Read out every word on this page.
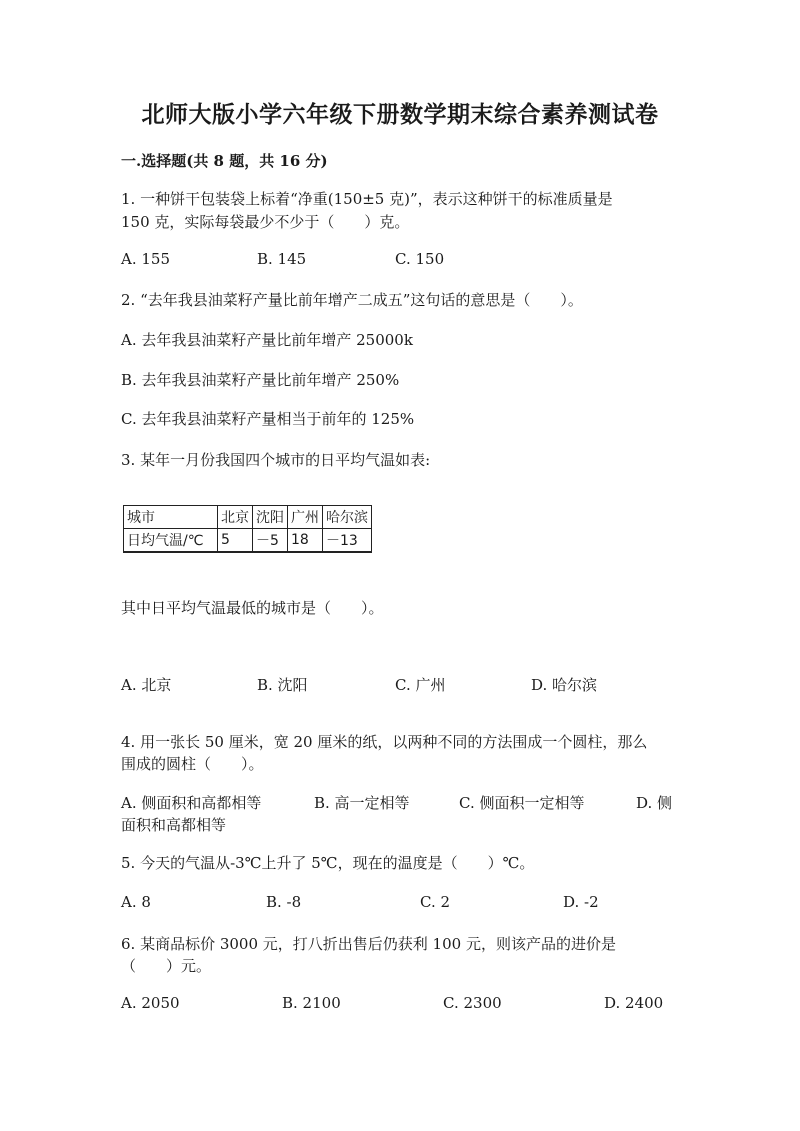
北师大版小学六年级下册数学期末综合素养测试卷
一.选择题(共 8 题，共 16 分)
1. 一种饼干包装袋上标着“净重(150±5 克)”，表示这种饼干的标准质量是
150 克，实际每袋最少不少于（　　）克。
A. 155	B. 145	C. 150
2. “去年我县油菜籽产量比前年增产二成五”这句话的意思是（　　）。
A. 去年我县油菜籽产量比前年增产 25000k
B. 去年我县油菜籽产量比前年增产 250%
C. 去年我县油菜籽产量相当于前年的 125%
3. 某年一月份我国四个城市的日平均气温如表:
城市	北京	沈阳	广州	哈尔滨
日均气温/℃	5	－5	18	－13
其中日平均气温最低的城市是（　　）。
A. 北京	B. 沈阳	C. 广州	D. 哈尔滨
4. 用一张长 50 厘米，宽 20 厘米的纸，以两种不同的方法围成一个圆柱，那么
围成的圆柱（　　）。
A. 侧面积和高都相等	B. 高一定相等	C. 侧面积一定相等	D. 侧
面积和高都相等
5. 今天的气温从-3℃上升了 5℃，现在的温度是（　　）℃。
A. 8	B. -8	C. 2	D. -2
6. 某商品标价 3000 元，打八折出售后仍获利 100 元，则该产品的进价是
（　　）元。
A. 2050	B. 2100	C. 2300	D. 2400
